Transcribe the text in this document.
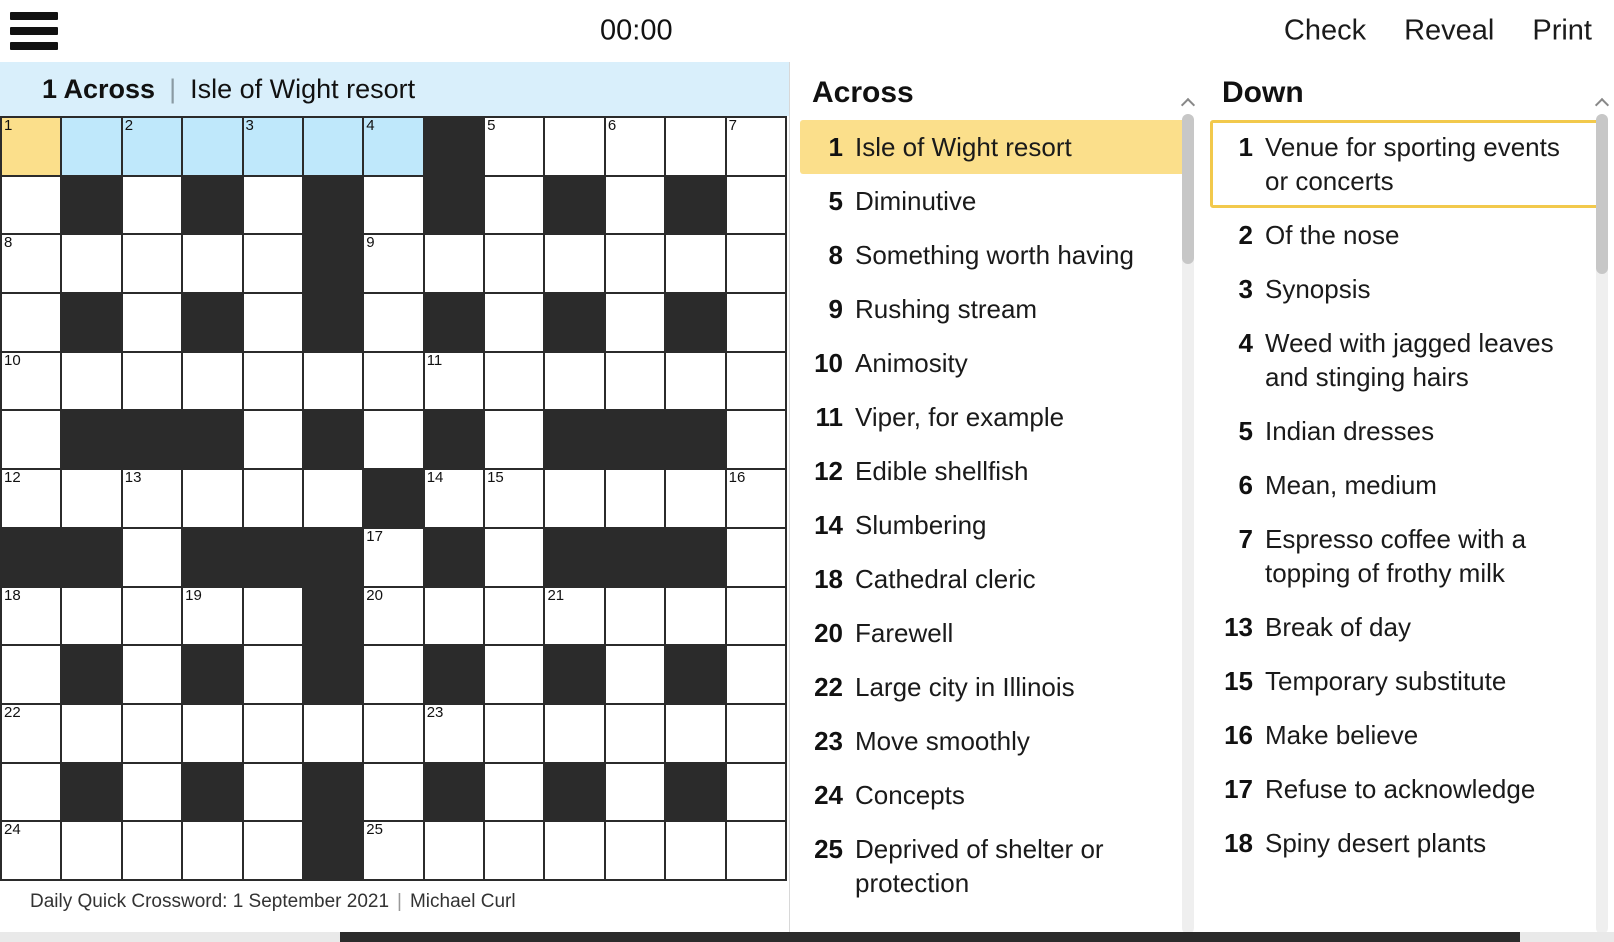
00:00	Check Reveal Print
1 Across | Isle of Wight resort
1	2	3	4	5	6	7
8	9
10	11
12	13	14	15	16
17
18	19	20	21
22	23
24	25
Daily Quick Crossword: 1 September 2021 | Michael Curl
Across
1 Isle of Wight resort
5 Diminutive
8 Something worth having
9 Rushing stream
10 Animosity
11 Viper, for example
12 Edible shellfish
14 Slumbering
18 Cathedral cleric
20 Farewell
22 Large city in Illinois
23 Move smoothly
24 Concepts
25 Deprived of shelter or protection
Down
1 Venue for sporting events or concerts
2 Of the nose
3 Synopsis
4 Weed with jagged leaves and stinging hairs
5 Indian dresses
6 Mean, medium
7 Espresso coffee with a topping of frothy milk
13 Break of day
15 Temporary substitute
16 Make believe
17 Refuse to acknowledge
18 Spiny desert plants
